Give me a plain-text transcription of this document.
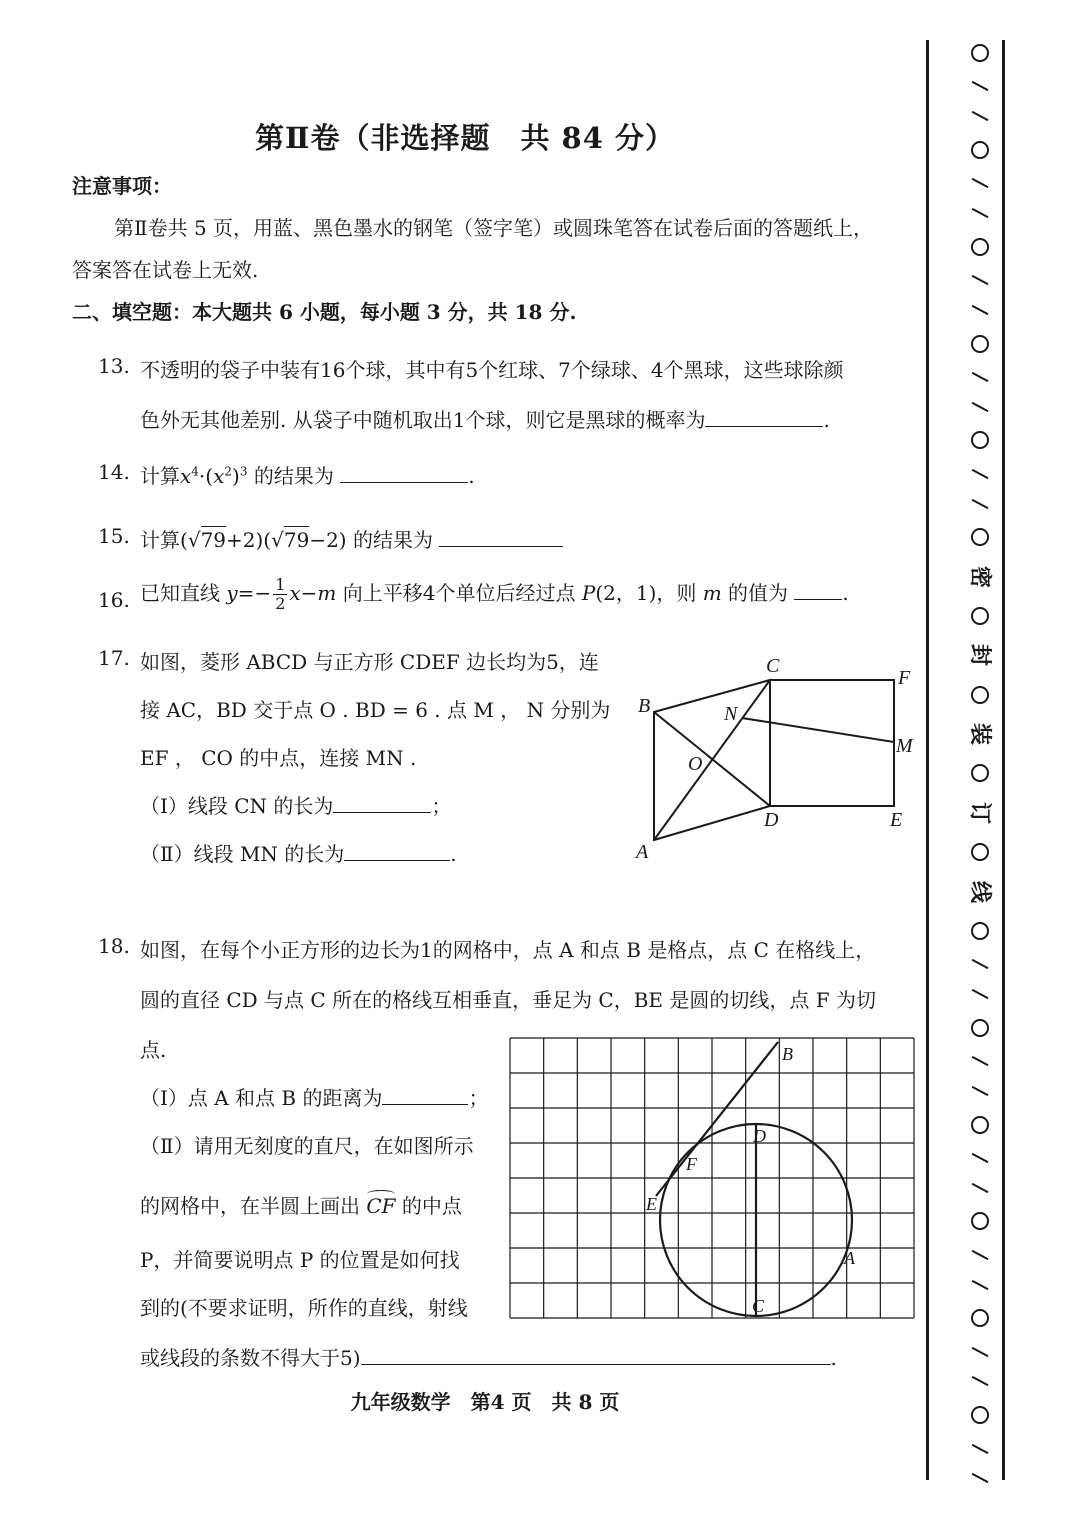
第Ⅱ卷（非选择题　共 84 分）
注意事项：
第Ⅱ卷共 5 页，用蓝、黑色墨水的钢笔（签字笔）或圆珠笔答在试卷后面的答题纸上，
答案答在试卷上无效.
二、填空题：本大题共 6 小题，每小题 3 分，共 18 分.
13. 不透明的袋子中装有16个球，其中有5个红球、7个绿球、4个黑球，这些球除颜
色外无其他差别. 从袋子中随机取出1个球，则它是黑球的概率为	.
14. 计算$x^4\cdot(x^2)^3$ 的结果为	.
15. 计算(√79+2)(√79−2) 的结果为
16. 已知直线 $y=- \frac{1}{2} x-m$ 向上平移4个单位后经过点 P(2，1)，则 m 的值为 .
17. 如图，菱形 ABCD 与正方形 CDEF 边长均为5，连
接 AC，BD 交于点 O . BD = 6 . 点 M ， N 分别为
EF ， CO 的中点，连接 MN .
（Ⅰ）线段 CN 的长为	；
（Ⅱ）线段 MN 的长为	.	A
B
C
D	E
F
M
N
O
18. 如图，在每个小正方形的边长为1的网格中，点 A 和点 B 是格点，点 C 在格线上，
圆的直径 CD 与点 C 所在的格线互相垂直，垂足为 C，BE 是圆的切线，点 F 为切
点.
（Ⅰ）点 A 和点 B 的距离为	；
（Ⅱ）请用无刻度的直尺，在如图所示
的网格中，在半圆上画出 CF 的中点
P，并简要说明点 P 的位置是如何找
到的(不要求证明，所作的直线，射线
或线段的条数不得大于5)	.
B
D
F
E
A
C
九年级数学　第4 页　共 8 页
密
封
装
订
线
